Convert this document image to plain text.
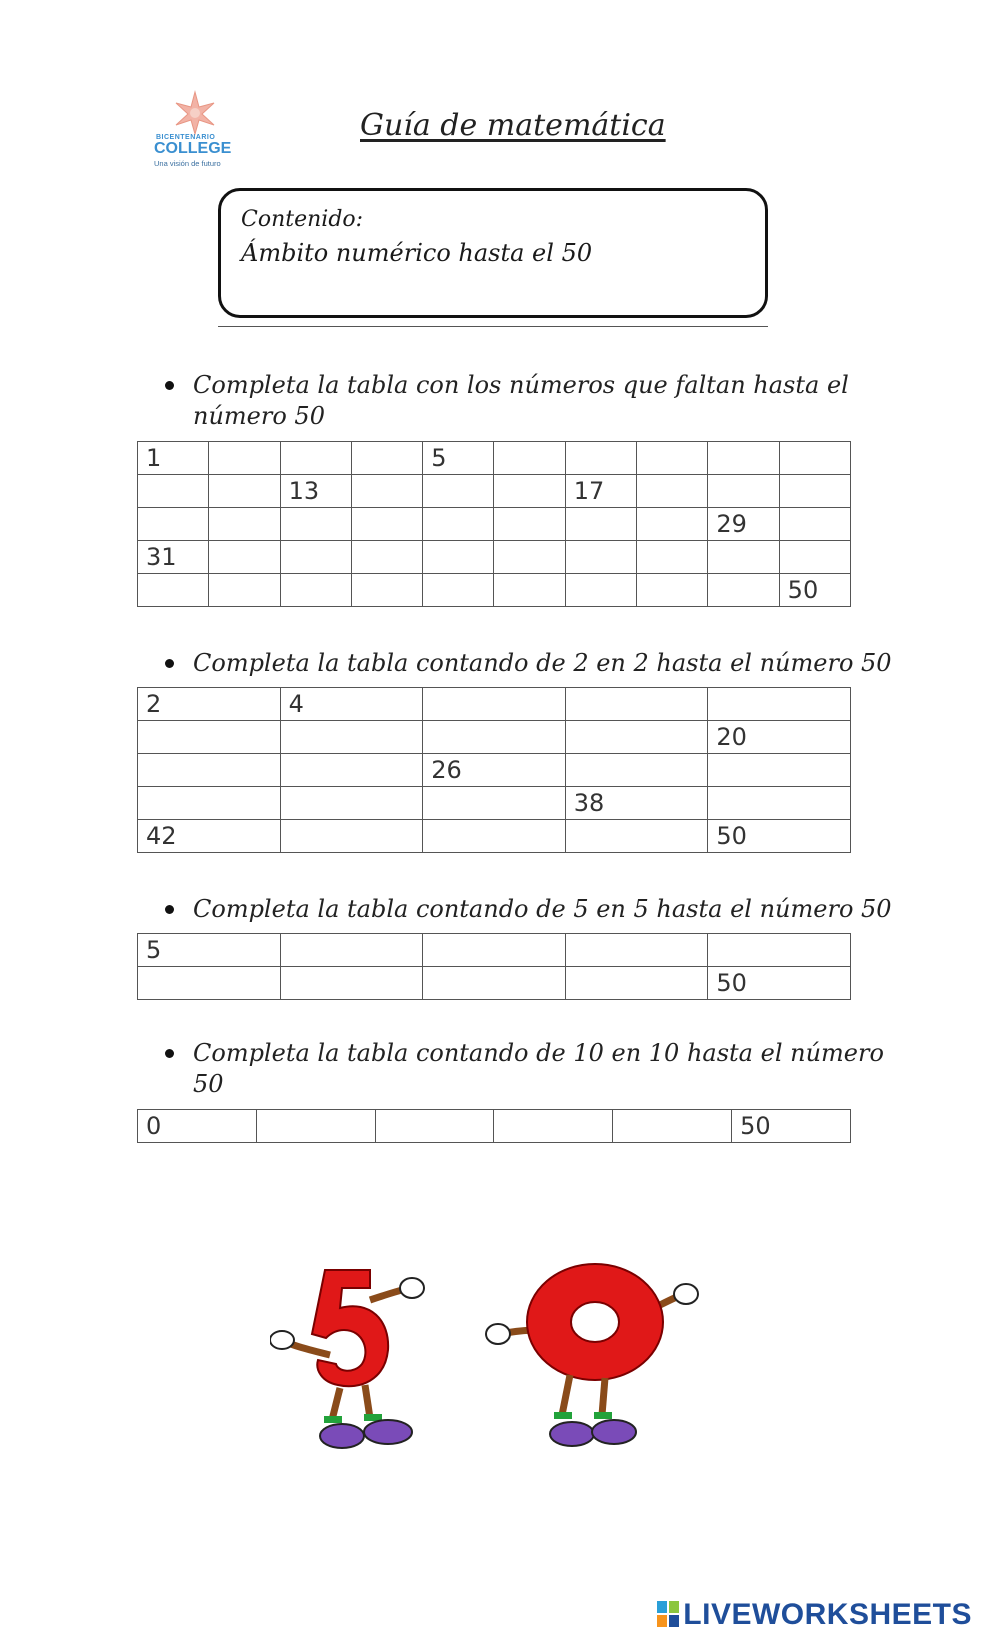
BICENTENARIO
COLLEGE
Una visión de futuro
Guía de matemática
Contenido:
Ámbito numérico hasta el 50
Completa la tabla con los números que faltan hasta el
número 50
1				5					
		13				17			
								29	
31									
									50
Completa la tabla contando de 2 en 2 hasta el número 50
2	4			
				20
		26		
			38	
42				50
Completa la tabla contando de 5 en 5 hasta el número 50
5				
				50
Completa la tabla contando de 10 en 10 hasta el número
50
0					50
5
LIVEWORKSHEETS
